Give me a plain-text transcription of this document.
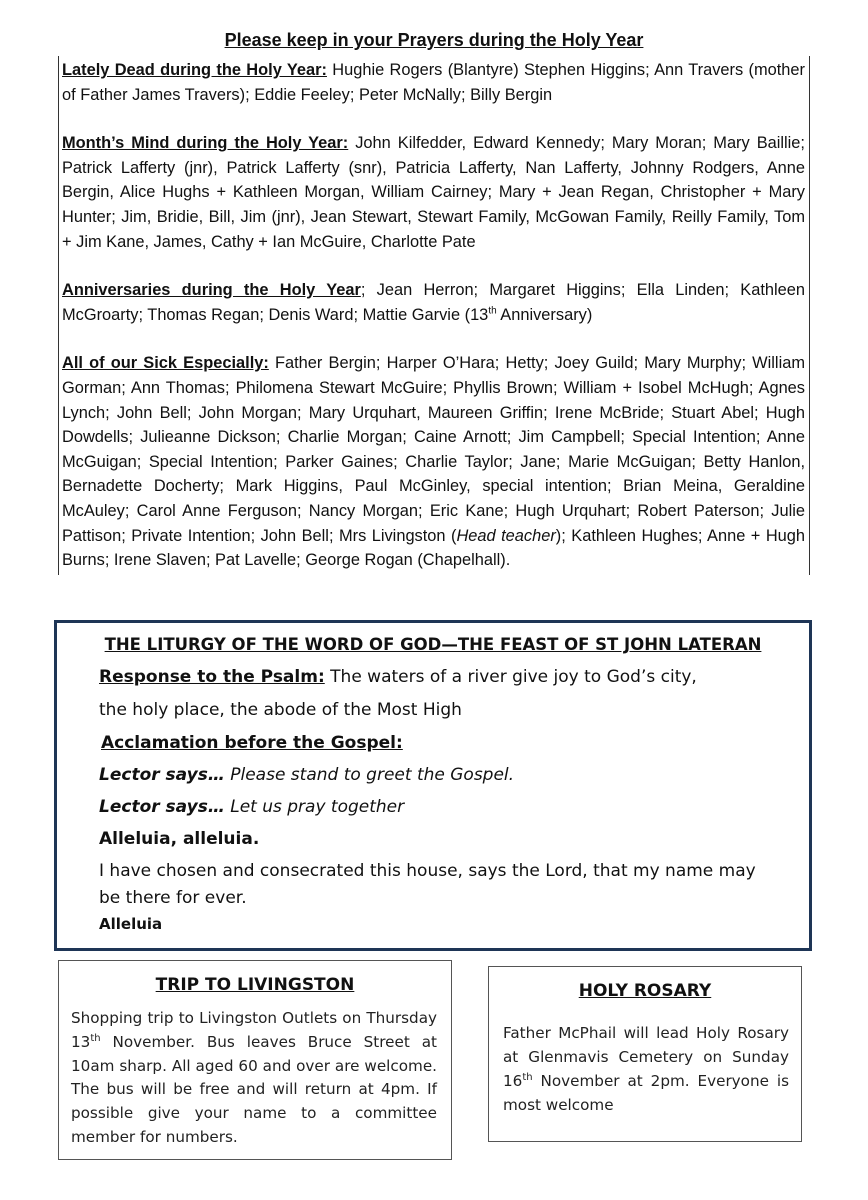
Please keep in your Prayers during the Holy Year

Lately Dead during the Holy Year: Hughie Rogers (Blantyre) Stephen Higgins; Ann Travers (mother of Father James Travers); Eddie Feeley; Peter McNally; Billy Bergin

Month’s Mind during the Holy Year: John Kilfedder, Edward Kennedy; Mary Moran; Mary Baillie; Patrick Lafferty (jnr), Patrick Lafferty (snr), Patricia Lafferty, Nan Lafferty, Johnny Rodgers, Anne Bergin, Alice Hughs + Kathleen Morgan, William Cairney; Mary + Jean Regan, Christopher + Mary Hunter; Jim, Bridie, Bill, Jim (jnr), Jean Stewart, Stewart Family, McGowan Family, Reilly Family, Tom + Jim Kane, James, Cathy + Ian McGuire, Charlotte Pate

Anniversaries during the Holy Year; Jean Herron; Margaret Higgins; Ella Linden; Kathleen McGroarty; Thomas Regan; Denis Ward; Mattie Garvie (13th Anniversary)

All of our Sick Especially: Father Bergin; Harper O’Hara; Hetty; Joey Guild; Mary Murphy; William Gorman; Ann Thomas; Philomena Stewart McGuire; Phyllis Brown; William + Isobel McHugh; Agnes Lynch; John Bell; John Morgan; Mary Urquhart, Maureen Griffin; Irene McBride; Stuart Abel; Hugh Dowdells; Julieanne Dickson; Charlie Morgan; Caine Arnott; Jim Campbell; Special Intention; Anne McGuigan; Special Intention; Parker Gaines; Charlie Taylor; Jane; Marie McGuigan; Betty Hanlon, Bernadette Docherty; Mark Higgins, Paul McGinley, special intention; Brian Meina, Geraldine McAuley; Carol Anne Ferguson; Nancy Morgan; Eric Kane; Hugh Urquhart; Robert Paterson; Julie Pattison; Private Intention; John Bell; Mrs Livingston (Head teacher); Kathleen Hughes; Anne + Hugh Burns; Irene Slaven; Pat Lavelle; George Rogan (Chapelhall).

THE LITURGY OF THE WORD OF GOD—THE FEAST OF ST JOHN LATERAN
Response to the Psalm: The waters of a river give joy to God’s city,
the holy place, the abode of the Most High
Acclamation before the Gospel:
Lector says… Please stand to greet the Gospel.
Lector says… Let us pray together
Alleluia, alleluia.
I have chosen and consecrated this house, says the Lord, that my name may
be there for ever.
Alleluia
TRIP TO LIVINGSTON
Shopping trip to Livingston Outlets on Thursday 13th November. Bus leaves Bruce Street at 10am sharp. All aged 60 and over are welcome. The bus will be free and will return at 4pm. If possible give your name to a committee member for numbers.
HOLY ROSARY
Father McPhail will lead Holy Rosary at Glenmavis Cemetery on Sunday 16th November at 2pm. Everyone is most welcome
